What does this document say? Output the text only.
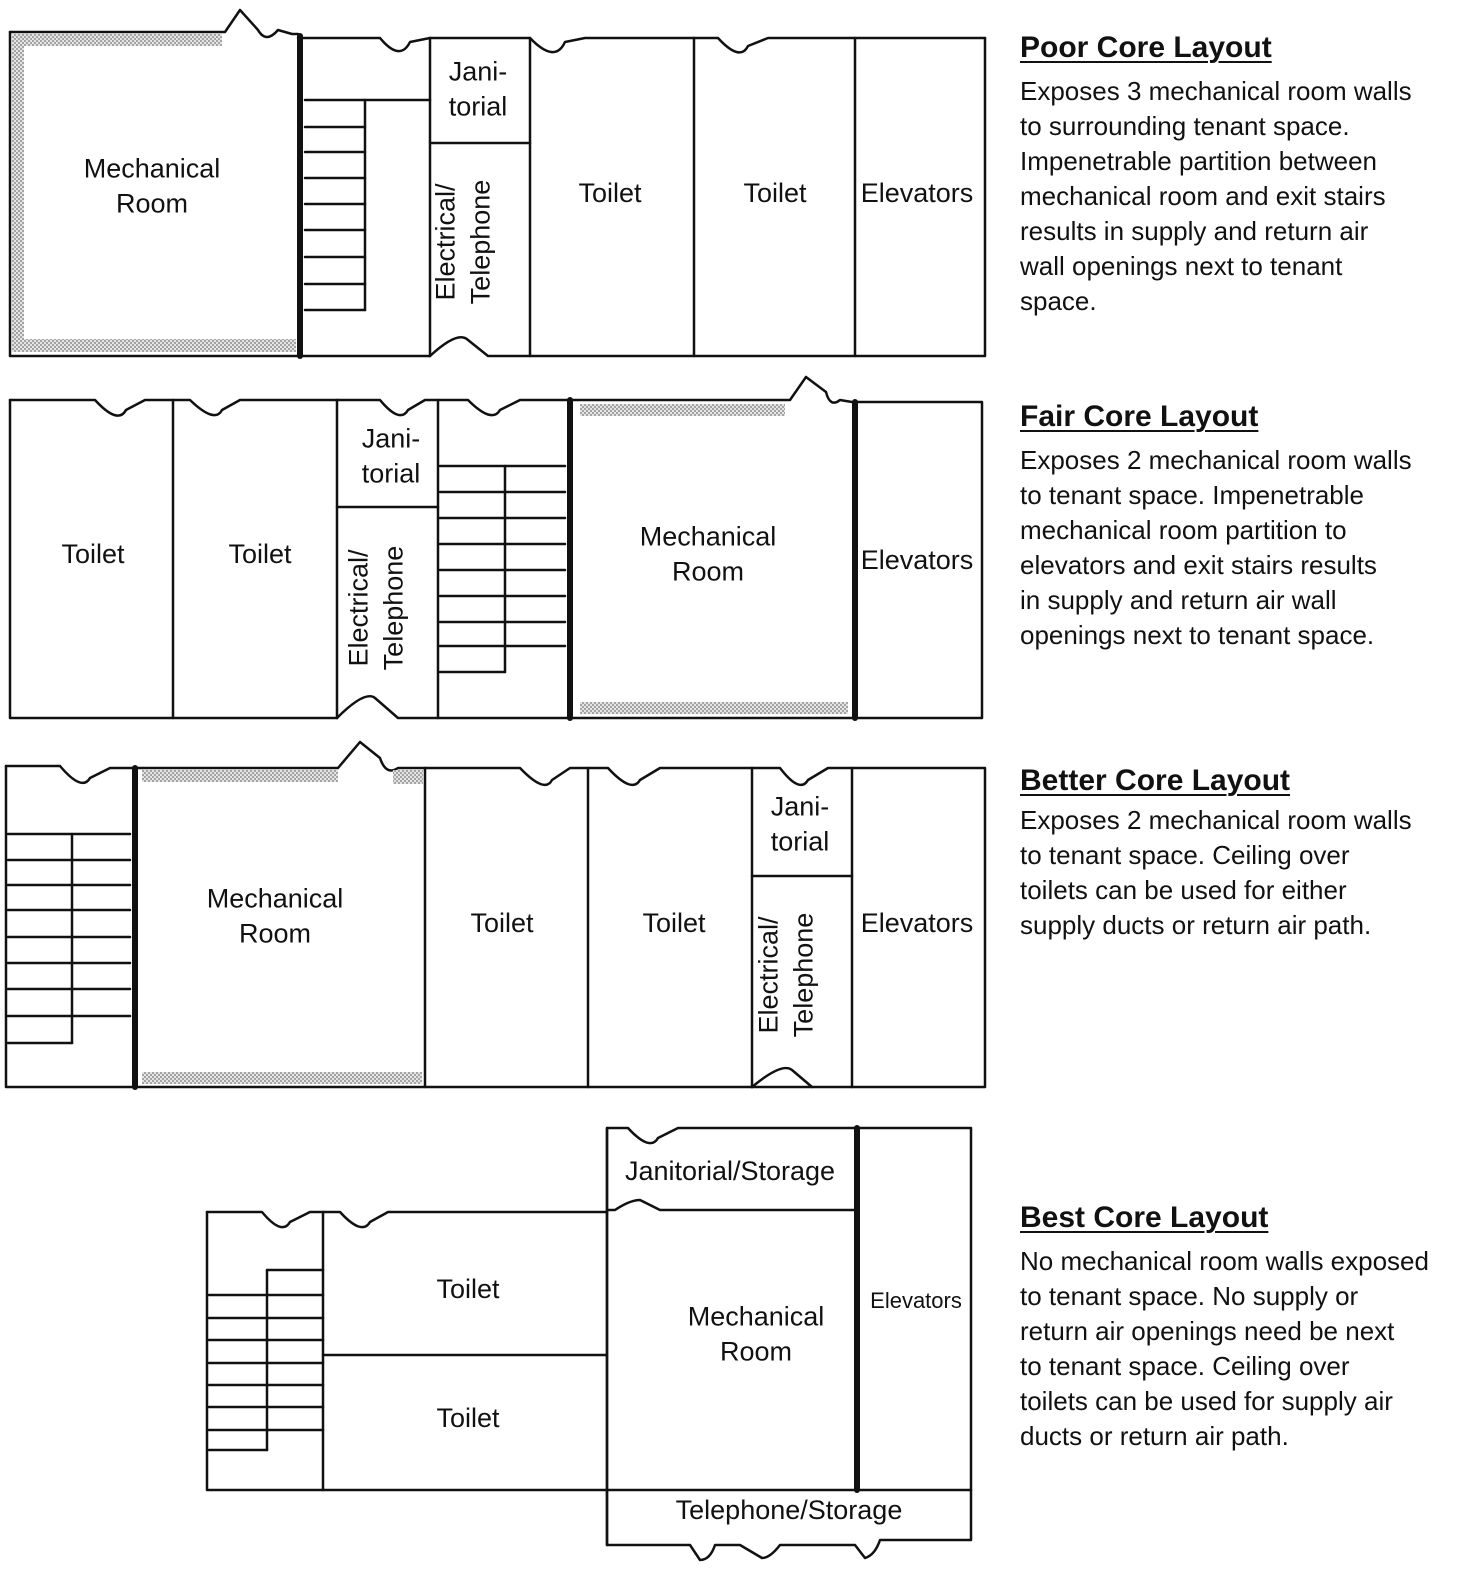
Mechanical Room
Jani-torial
Electrical/ Telephone	Toilet	Toilet Elevators
Toilet	Toilet
Jani-torial
Electrical/ Telephone
Mechanical Room	Elevators
Mechanical Room	Toilet	Toilet
Jani-torial
Electrical/ Telephone Elevators
Janitorial/Storage
Toilet
Toilet
Mechanical Room
Elevators
Telephone/Storage
Poor Core Layout

Exposes 3 mechanical room walls
to surrounding tenant space.
Impenetrable partition between
mechanical room and exit stairs
results in supply and return air
wall openings next to tenant
space.

Fair Core Layout

Exposes 2 mechanical room walls
to tenant space. Impenetrable
mechanical room partition to
elevators and exit stairs results
in supply and return air wall
openings next to tenant space.

Better Core Layout

Exposes 2 mechanical room walls
to tenant space. Ceiling over
toilets can be used for either
supply ducts or return air path.

Best Core Layout

No mechanical room walls exposed
to tenant space. No supply or
return air openings need be next
to tenant space. Ceiling over
toilets can be used for supply air
ducts or return air path.
